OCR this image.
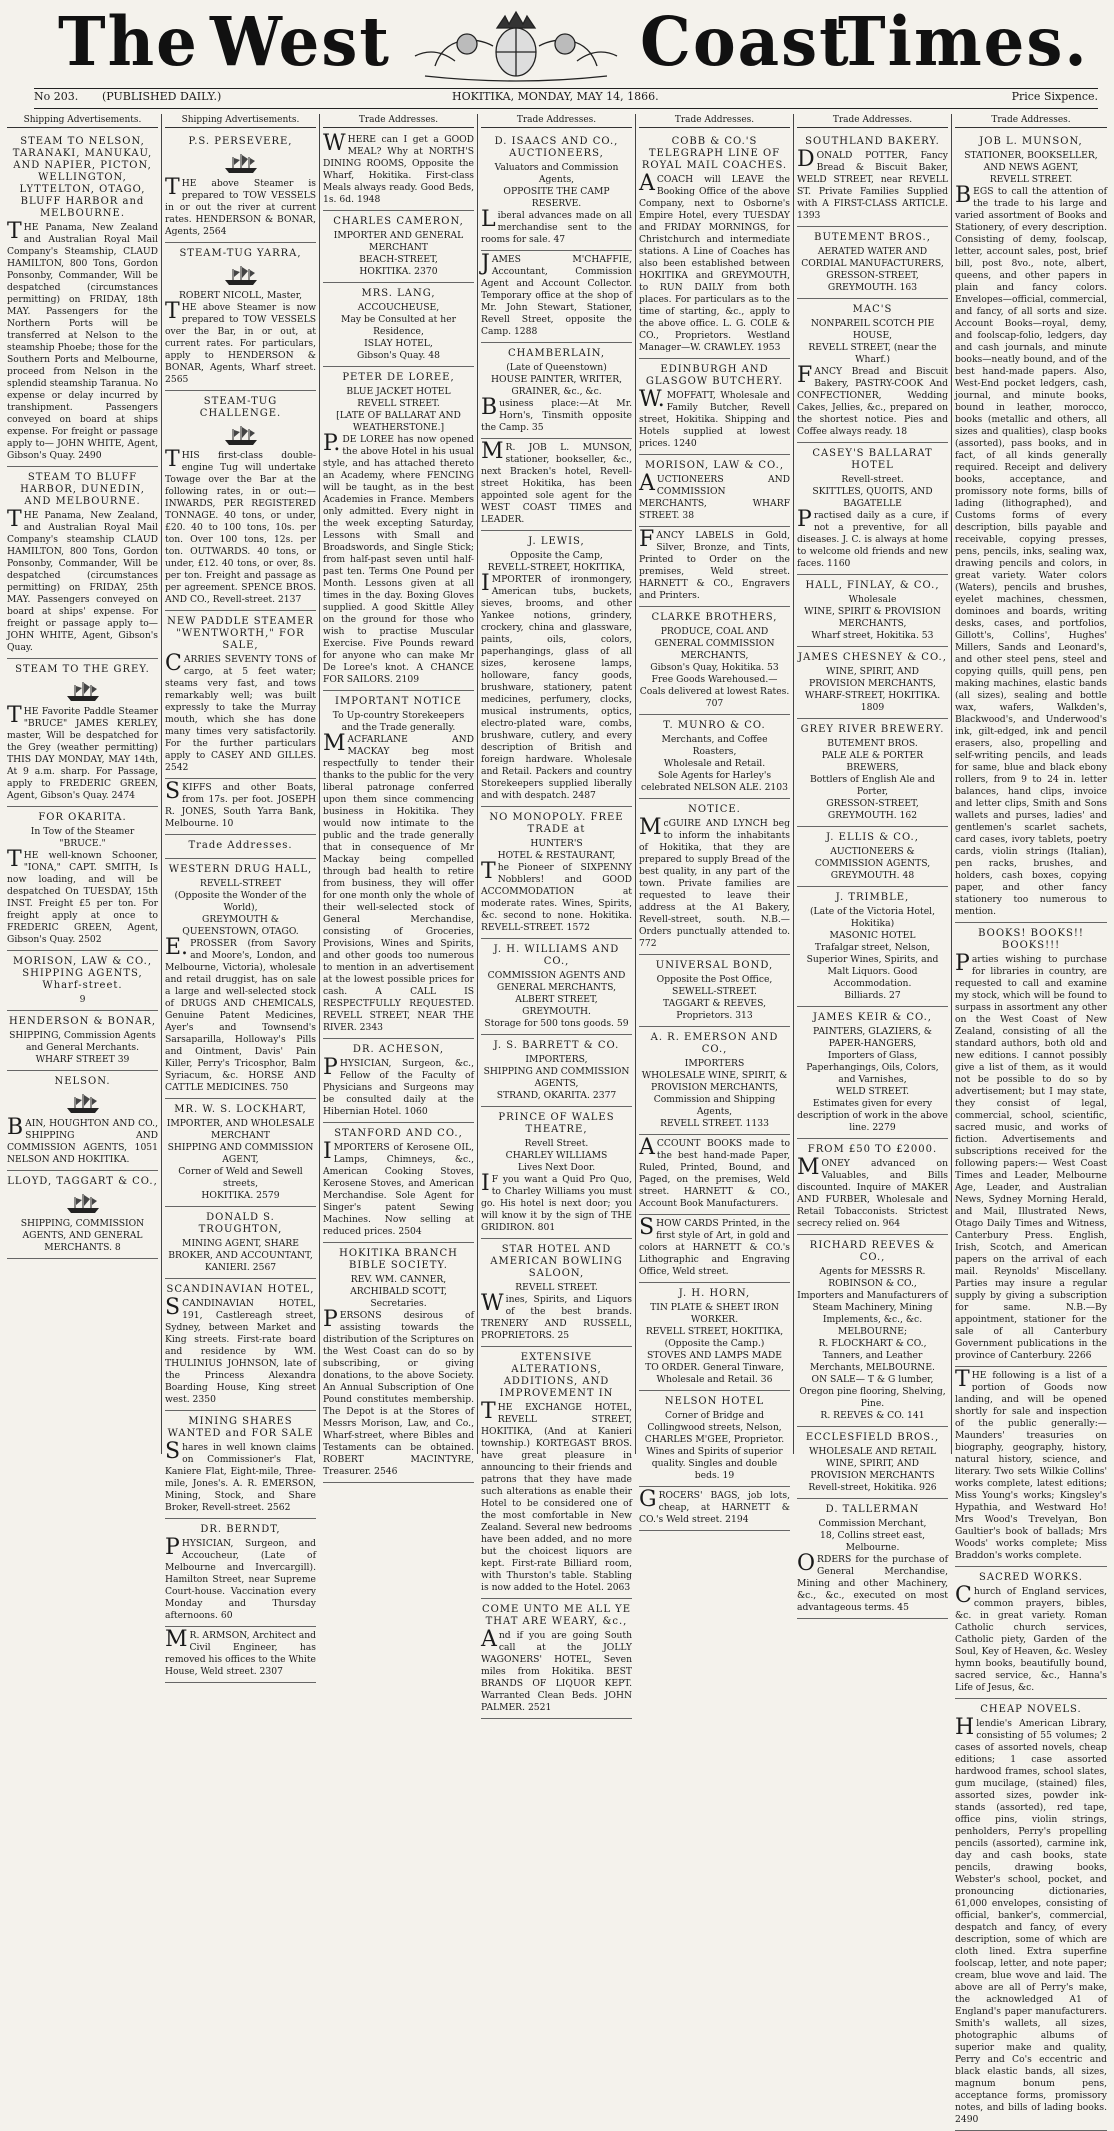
The West	Coast
Times.
No 203. (PUBLISHED DAILY.)	HOKITIKA, MONDAY, MAY 14, 1866.	Price Sixpence.
Shipping Advertisements.
STEAM TO NELSON, TARANAKI, MANUKAU, AND NAPIER, PICTON, WELLINGTON, LYTTELTON, OTAGO, BLUFF HARBOR and MELBOURNE.
THE Panama, New Zealand and Australian Royal Mail Company's Steamship, CLAUD HAMILTON, 800 Tons, Gordon Ponsonby, Commander, Will be despatched (circumstances permitting) on FRIDAY, 18th MAY. Passengers for the Northern Ports will be transferred at Nelson to the steamship Phoebe; those for the Southern Ports and Melbourne, proceed from Nelson in the splendid steamship Taranua. No expense or delay incurred by transhipment. Passengers conveyed on board at ships expense. For freight or passage apply to— JOHN WHITE, Agent, Gibson's Quay. 2490
STEAM TO BLUFF HARBOR, DUNEDIN, AND MELBOURNE.
THE Panama, New Zealand, and Australian Royal Mail Company's steamship CLAUD HAMILTON, 800 Tons, Gordon Ponsonby, Commander, Will be despatched (circumstances permitting) on FRIDAY, 25th MAY. Passengers conveyed on board at ships' expense. For freight or passage apply to— JOHN WHITE, Agent, Gibson's Quay.
STEAM TO THE GREY.
THE Favorite Paddle Steamer "BRUCE" JAMES KERLEY, master, Will be despatched for the Grey (weather permitting) THIS DAY MONDAY, MAY 14th, At 9 a.m. sharp. For Passage, apply to FREDERIC GREEN, Agent, Gibson's Quay. 2474
FOR OKARITA.
In Tow of the Steamer "BRUCE."
THE well-known Schooner, "IONA," CAPT. SMITH, Is now loading, and will be despatched On TUESDAY, 15th INST. Freight £5 per ton. For freight apply at once to FREDERIC GREEN, Agent, Gibson's Quay. 2502
MORISON, LAW & CO., SHIPPING AGENTS, Wharf-street.
9
HENDERSON & BONAR,
SHIPPING, Commission Agents and General Merchants.
WHARF STREET 39
NELSON.
BAIN, HOUGHTON AND CO., SHIPPING AND COMMISSION AGENTS, 1051 NELSON AND HOKITIKA.
LLOYD, TAGGART & CO.,
SHIPPING, COMMISSION AGENTS, AND GENERAL MERCHANTS. 8
Shipping Advertisements.
P.S. PERSEVERE,
THE above Steamer is prepared to TOW VESSELS in or out the river at current rates. HENDERSON & BONAR, Agents, 2564
STEAM-TUG YARRA,
ROBERT NICOLL, Master,
THE above Steamer is now prepared to TOW VESSELS over the Bar, in or out, at current rates. For particulars, apply to HENDERSON & BONAR, Agents, Wharf street. 2565
STEAM-TUG CHALLENGE.
THIS first-class double-engine Tug will undertake Towage over the Bar at the following rates, in or out:— INWARDS, PER REGISTERED TONNAGE. 40 tons, or under, £20. 40 to 100 tons, 10s. per ton. Over 100 tons, 12s. per ton. OUTWARDS. 40 tons, or under, £12. 40 tons, or over, 8s. per ton. Freight and passage as per agreement. SPENCE BROS. AND CO., Revell-street. 2137
NEW PADDLE STEAMER "WENTWORTH," FOR SALE,
CARRIES SEVENTY TONS of cargo, at 5 feet water; steams very fast, and tows remarkably well; was built expressly to take the Murray mouth, which she has done many times very satisfactorily. For the further particulars apply to CASEY AND GILLES. 2542
SKIFFS and other Boats, from 17s. per foot. JOSEPH R. JONES, South Yarra Bank, Melbourne. 10
Trade Addresses.
WESTERN DRUG HALL,
REVELL-STREET
(Opposite the Wonder of the World),
GREYMOUTH & QUEENSTOWN, OTAGO.
E.PROSSER (from Savory and Moore's, London, and Melbourne, Victoria), wholesale and retail druggist, has on sale a large and well-selected stock of DRUGS AND CHEMICALS, Genuine Patent Medicines, Ayer's and Townsend's Sarsaparilla, Holloway's Pills and Ointment, Davis' Pain Killer, Perry's Tricosphor, Balm Syriacum, &c. HORSE AND CATTLE MEDICINES. 750
MR. W. S. LOCKHART,
IMPORTER, AND WHOLESALE MERCHANT
SHIPPING AND COMMISSION AGENT,
Corner of Weld and Sewell streets,
HOKITIKA. 2579
DONALD S. TROUGHTON,
MINING AGENT, SHARE BROKER, AND ACCOUNTANT,
KANIERI. 2567
SCANDINAVIAN HOTEL,
SCANDINAVIAN HOTEL, 191, Castlereagh street, Sydney, between Market and King streets. First-rate board and residence by WM. THULINIUS JOHNSON, late of the Princess Alexandra Boarding House, King street west. 2350
MINING SHARES WANTED and FOR SALE
Shares in well known claims on Commissioner's Flat, Kaniere Flat, Eight-mile, Three-mile, Jones's. A. R. EMERSON, Mining, Stock, and Share Broker, Revell-street. 2562
DR. BERNDT,
PHYSICIAN, Surgeon, and Accoucheur, (Late of Melbourne and Invercargill). Hamilton Street, near Supreme Court-house. Vaccination every Monday and Thursday afternoons. 60
MR. ARMSON, Architect and Civil Engineer, has removed his offices to the White House, Weld street. 2307
Trade Addresses.
WHERE can I get a GOOD MEAL? Why at NORTH'S DINING ROOMS, Opposite the Wharf, Hokitika. First-class Meals always ready. Good Beds, 1s. 6d. 1948
CHARLES CAMERON,
IMPORTER AND GENERAL MERCHANT
BEACH-STREET,
HOKITIKA. 2370
MRS. LANG,
ACCOUCHEUSE,
May be Consulted at her Residence,
ISLAY HOTEL,
Gibson's Quay. 48
PETER DE LOREE,
BLUE JACKET HOTEL
REVELL STREET.
[LATE OF BALLARAT AND WEATHERSTONE.]
P.DE LOREE has now opened the above Hotel in his usual style, and has attached thereto an Academy, where FENCING will be taught, as in the best Academies in France. Members only admitted. Every night in the week excepting Saturday, Lessons with Small and Broadswords, and Single Stick; from half-past seven until half-past ten. Terms One Pound per Month. Lessons given at all times in the day. Boxing Gloves supplied. A good Skittle Alley on the ground for those who wish to practise Muscular Exercise. Five Pounds reward for anyone who can make Mr De Loree's knot. A CHANCE FOR SAILORS. 2109
IMPORTANT NOTICE
To Up-country Storekeepers and the Trade generally.
MACFARLANE AND MACKAY beg most respectfully to tender their thanks to the public for the very liberal patronage conferred upon them since commencing business in Hokitika. They would now intimate to the public and the trade generally that in consequence of Mr Mackay being compelled through bad health to retire from business, they will offer for one month only the whole of their well-selected stock of General Merchandise, consisting of Groceries, Provisions, Wines and Spirits, and other goods too numerous to mention in an advertisement at the lowest possible prices for cash. A CALL IS RESPECTFULLY REQUESTED. REVELL STREET, NEAR THE RIVER. 2343
DR. ACHESON,
PHYSICIAN, Surgeon, &c., Fellow of the Faculty of Physicians and Surgeons may be consulted daily at the Hibernian Hotel. 1060
STANFORD AND CO.,
IMPORTERS of Kerosene OIL, Lamps, Chimneys, &c., American Cooking Stoves, Kerosene Stoves, and American Merchandise. Sole Agent for Singer's patent Sewing Machines. Now selling at reduced prices. 2504
HOKITIKA BRANCH BIBLE SOCIETY.
REV. WM. CANNER, ARCHIBALD SCOTT, Secretaries.
PERSONS desirous of assisting towards the distribution of the Scriptures on the West Coast can do so by subscribing, or giving donations, to the above Society. An Annual Subscription of One Pound constitutes membership. The Depot is at the Stores of Messrs Morison, Law, and Co., Wharf-street, where Bibles and Testaments can be obtained. ROBERT MACINTYRE, Treasurer. 2546
Trade Addresses.
D. ISAACS AND CO., AUCTIONEERS,
Valuators and Commission Agents,
OPPOSITE THE CAMP RESERVE.
Liberal advances made on all merchandise sent to the rooms for sale. 47
JAMES M'CHAFFIE, Accountant, Commission Agent and Account Collector. Temporary office at the shop of Mr. John Stewart, Stationer, Revell Street, opposite the Camp. 1288
CHAMBERLAIN,
(Late of Queenstown)
HOUSE PAINTER, WRITER, GRAINER, &c., &c.
Business place:—At Mr. Horn's, Tinsmith opposite the Camp. 35
MR. JOB L. MUNSON, stationer, bookseller, &c., next Bracken's hotel, Revell-street Hokitika, has been appointed sole agent for the WEST COAST TIMES and LEADER.
J. LEWIS,
Opposite the Camp,
REVELL-STREET, HOKITIKA,
IMPORTER of ironmongery, American tubs, buckets, sieves, brooms, and other Yankee notions, grindery, crockery, china and glassware, paints, oils, colors, paperhangings, glass of all sizes, kerosene lamps, holloware, fancy goods, brushware, stationery, patent medicines, perfumery, clocks, musical instruments, optics, electro-plated ware, combs, brushware, cutlery, and every description of British and foreign hardware. Wholesale and Retail. Packers and country Storekeepers supplied liberally and with despatch. 2487
NO MONOPOLY. FREE TRADE at
HUNTER'S
HOTEL & RESTAURANT,
The Pioneer of SIXPENNY Nobblers! and GOOD ACCOMMODATION at moderate rates. Wines, Spirits, &c. second to none. Hokitika. REVELL-STREET. 1572
J. H. WILLIAMS AND CO.,
COMMISSION AGENTS AND GENERAL MERCHANTS,
ALBERT STREET, GREYMOUTH.
Storage for 500 tons goods. 59
J. S. BARRETT & CO.
IMPORTERS,
SHIPPING AND COMMISSION AGENTS,
STRAND, OKARITA. 2377
PRINCE OF WALES THEATRE,
Revell Street.
CHARLEY WILLIAMS
Lives Next Door.
IF you want a Quid Pro Quo, to Charley Williams you must go. His hotel is next door; you will know it by the sign of THE GRIDIRON. 801
STAR HOTEL AND AMERICAN BOWLING SALOON,
REVELL STREET.
Wines, Spirits, and Liquors of the best brands. TRENERY AND RUSSELL, PROPRIETORS. 25
EXTENSIVE ALTERATIONS, ADDITIONS, AND IMPROVEMENT IN
THE EXCHANGE HOTEL, REVELL STREET, HOKITIKA, (And at Kanieri township.) KORTEGAST BROS. have great pleasure in announcing to their friends and patrons that they have made such alterations as enable their Hotel to be considered one of the most comfortable in New Zealand. Several new bedrooms have been added, and no more but the choicest liquors are kept. First-rate Billiard room, with Thurston's table. Stabling is now added to the Hotel. 2063
COME UNTO ME ALL YE THAT ARE WEARY, &c.,
And if you are going South call at the JOLLY WAGONERS' HOTEL, Seven miles from Hokitika. BEST BRANDS OF LIQUOR KEPT. Warranted Clean Beds. JOHN PALMER. 2521
Trade Addresses.
COBB & CO.'S TELEGRAPH LINE OF ROYAL MAIL COACHES.
ACOACH will LEAVE the Booking Office of the above Company, next to Osborne's Empire Hotel, every TUESDAY and FRIDAY MORNINGS, for Christchurch and intermediate stations. A Line of Coaches has also been established between HOKITIKA and GREYMOUTH, to RUN DAILY from both places. For particulars as to the time of starting, &c., apply to the above office. L. G. COLE & CO., Proprietors. Westland Manager—W. CRAWLEY. 1953
EDINBURGH AND GLASGOW BUTCHERY.
W.MOFFATT, Wholesale and Family Butcher, Revell street, Hokitika. Shipping and Hotels supplied at lowest prices. 1240
MORISON, LAW & CO.,
AUCTIONEERS AND COMMISSION MERCHANTS, WHARF STREET. 38
FANCY LABELS in Gold, Silver, Bronze, and Tints, Printed to Order on the premises, Weld street. HARNETT & CO., Engravers and Printers.
CLARKE BROTHERS,
PRODUCE, COAL AND GENERAL COMMISSION MERCHANTS,
Gibson's Quay, Hokitika. 53
Free Goods Warehoused.—Coals delivered at lowest Rates. 707
T. MUNRO & CO.
Merchants, and Coffee Roasters,
Wholesale and Retail.
Sole Agents for Harley's celebrated NELSON ALE. 2103
NOTICE.
McGUIRE AND LYNCH beg to inform the inhabitants of Hokitika, that they are prepared to supply Bread of the best quality, in any part of the town. Private families are requested to leave their address at the A1 Bakery, Revell-street, south. N.B.—Orders punctually attended to. 772
UNIVERSAL BOND,
Opposite the Post Office,
SEWELL-STREET.
TAGGART & REEVES, Proprietors. 313
A. R. EMERSON AND CO.,
IMPORTERS
WHOLESALE WINE, SPIRIT, & PROVISION MERCHANTS,
Commission and Shipping Agents,
REVELL STREET. 1133
ACCOUNT BOOKS made to the best hand-made Paper, Ruled, Printed, Bound, and Paged, on the premises, Weld street. HARNETT & CO., Account Book Manufacturers.
SHOW CARDS Printed, in the first style of Art, in gold and colors at HARNETT & CO.'s Lithographic and Engraving Office, Weld street.
J. H. HORN,
TIN PLATE & SHEET IRON WORKER.
REVELL STREET, HOKITIKA,
(Opposite the Camp.)
STOVES AND LAMPS MADE TO ORDER. General Tinware, Wholesale and Retail. 36
NELSON HOTEL
Corner of Bridge and Collingwood streets, Nelson,
CHARLES M'GEE, Proprietor.
Wines and Spirits of superior quality. Singles and double beds. 19
GROCERS' BAGS, job lots, cheap, at HARNETT & CO.'s Weld street. 2194
Trade Addresses.
SOUTHLAND BAKERY.
DONALD POTTER, Fancy Bread & Biscuit Baker, WELD STREET, near REVELL ST. Private Families Supplied with A FIRST-CLASS ARTICLE. 1393
BUTEMENT BROS.,
AERATED WATER AND CORDIAL MANUFACTURERS,
GRESSON-STREET, GREYMOUTH. 163
MAC'S
NONPAREIL SCOTCH PIE HOUSE,
REVELL STREET, (near the Wharf.)
FANCY Bread and Biscuit Bakery, PASTRY-COOK And CONFECTIONER, Wedding Cakes, Jellies, &c., prepared on the shortest notice. Pies and Coffee always ready. 18
CASEY'S BALLARAT HOTEL
Revell-street.
SKITTLES, QUOITS, AND BAGATELLE
Practised daily as a cure, if not a preventive, for all diseases. J. C. is always at home to welcome old friends and new faces. 1160
HALL, FINLAY, & CO.,
Wholesale
WINE, SPIRIT & PROVISION MERCHANTS,
Wharf street, Hokitika. 53
JAMES CHESNEY & CO.,
WINE, SPIRIT, AND PROVISION MERCHANTS,
WHARF-STREET, HOKITIKA. 1809
GREY RIVER BREWERY.
BUTEMENT BROS.
PALE ALE & PORTER BREWERS,
Bottlers of English Ale and Porter,
GRESSON-STREET, GREYMOUTH. 162
J. ELLIS & CO.,
AUCTIONEERS & COMMISSION AGENTS,
GREYMOUTH. 48
J. TRIMBLE,
(Late of the Victoria Hotel, Hokitika)
MASONIC HOTEL
Trafalgar street, Nelson,
Superior Wines, Spirits, and Malt Liquors. Good Accommodation.
Billiards. 27
JAMES KEIR & CO.,
PAINTERS, GLAZIERS, & PAPER-HANGERS,
Importers of Glass, Paperhangings, Oils, Colors, and Varnishes,
WELD STREET.
Estimates given for every description of work in the above line. 2279
FROM £50 TO £2000.
MONEY advanced on Valuables, and Bills discounted. Inquire of MAKER AND FURBER, Wholesale and Retail Tobacconists. Strictest secrecy relied on. 964
RICHARD REEVES & CO.,
Agents for MESSRS R. ROBINSON & CO.,
Importers and Manufacturers of Steam Machinery, Mining Implements, &c., &c. MELBOURNE;
R. FLOCKHART & CO., Tanners, and Leather Merchants, MELBOURNE.
ON SALE— T & G lumber, Oregon pine flooring, Shelving, Pine.
R. REEVES & CO. 141
ECCLESFIELD BROS.,
WHOLESALE AND RETAIL
WINE, SPIRIT, AND PROVISION MERCHANTS
Revell-street, Hokitika. 926
D. TALLERMAN
Commission Merchant,
18, Collins street east, Melbourne.
ORDERS for the purchase of General Merchandise, Mining and other Machinery, &c., &c., executed on most advantageous terms. 45
Trade Addresses.
JOB L. MUNSON,
STATIONER, BOOKSELLER, AND NEWS AGENT,
REVELL STREET.
BEGS to call the attention of the trade to his large and varied assortment of Books and Stationery, of every description. Consisting of demy, foolscap, letter, account sales, post, brief bill, post 8vo., note, albert, queens, and other papers in plain and fancy colors. Envelopes—official, commercial, and fancy, of all sorts and size. Account Books—royal, demy, and foolscap-folio, ledgers, day and cash journals, and minute books—neatly bound, and of the best hand-made papers. Also, West-End pocket ledgers, cash, journal, and minute books, bound in leather, morocco, books (metallic and others, all sizes and qualities), clasp books (assorted), pass books, and in fact, of all kinds generally required. Receipt and delivery books, acceptance, and promissory note forms, bills of lading (lithographed), and Customs forms of every description, bills payable and receivable, copying presses, pens, pencils, inks, sealing wax, drawing pencils and colors, in great variety. Water colors (Waters), pencils and brushes, eyelet machines, chessmen, dominoes and boards, writing desks, cases, and portfolios, Gillott's, Collins', Hughes' Millers, Sands and Leonard's, and other steel pens, steel and copying quills, quill pens, pen making machines, elastic bands (all sizes), sealing and bottle wax, wafers, Walkden's, Blackwood's, and Underwood's ink, gilt-edged, ink and pencil erasers, also, propelling and self-writing pencils, and leads for same, blue and black ebony rollers, from 9 to 24 in. letter balances, hand clips, invoice and letter clips, Smith and Sons wallets and purses, ladies' and gentlemen's scarlet sachets, card cases, ivory tablets, poetry cards, violin strings (Italian), pen racks, brushes, and holders, cash boxes, copying paper, and other fancy stationery too numerous to mention.
BOOKS! BOOKS!! BOOKS!!!
Parties wishing to purchase for libraries in country, are requested to call and examine my stock, which will be found to surpass in assortment any other on the West Coast of New Zealand, consisting of all the standard authors, both old and new editions. I cannot possibly give a list of them, as it would not be possible to do so by advertisement; but I may state, they consist of legal, commercial, school, scientific, sacred music, and works of fiction. Advertisements and subscriptions received for the following papers:— West Coast Times and Leader, Melbourne Age, Leader, and Australian News, Sydney Morning Herald, and Mail, Illustrated News, Otago Daily Times and Witness, Canterbury Press. English, Irish, Scotch, and American papers on the arrival of each mail. Reynolds' Miscellany. Parties may insure a regular supply by giving a subscription for same. N.B.—By appointment, stationer for the sale of all Canterbury Government publications in the province of Canterbury. 2266
THE following is a list of a portion of Goods now landing, and will be opened shortly for sale and inspection of the public generally:— Maunders' treasuries on biography, geography, history, natural history, science, and literary. Two sets Wilkie Collins' works complete, latest editions; Miss Young's works; Kingsley's Hypathia, and Westward Ho! Mrs Wood's Trevelyan, Bon Gaultier's book of ballads; Mrs Woods' works complete; Miss Braddon's works complete.
SACRED WORKS.
Church of England services, common prayers, bibles, &c. in great variety. Roman Catholic church services, Catholic piety, Garden of the Soul, Key of Heaven, &c. Wesley hymn books, beautifully bound, sacred service, &c., Hanna's Life of Jesus, &c.
CHEAP NOVELS.
Hlendie's American Library, consisting of 55 volumes; 2 cases of assorted novels, cheap editions; 1 case assorted hardwood frames, school slates, gum mucilage, (stained) files, assorted sizes, powder ink-stands (assorted), red tape, office pins, violin strings, penholders, Perry's propelling pencils (assorted), carmine ink, day and cash books, state pencils, drawing books, Webster's school, pocket, and pronouncing dictionaries, 61,000 envelopes, consisting of official, banker's, commercial, despatch and fancy, of every description, some of which are cloth lined. Extra superfine foolscap, letter, and note paper; cream, blue wove and laid. The above are all of Perry's make, the acknowledged A1 of England's paper manufacturers. Smith's wallets, all sizes, photographic albums of superior make and quality, Perry and Co's eccentric and black elastic bands, all sizes, magnum bonum pens, acceptance forms, promissory notes, and bills of lading books. 2490
